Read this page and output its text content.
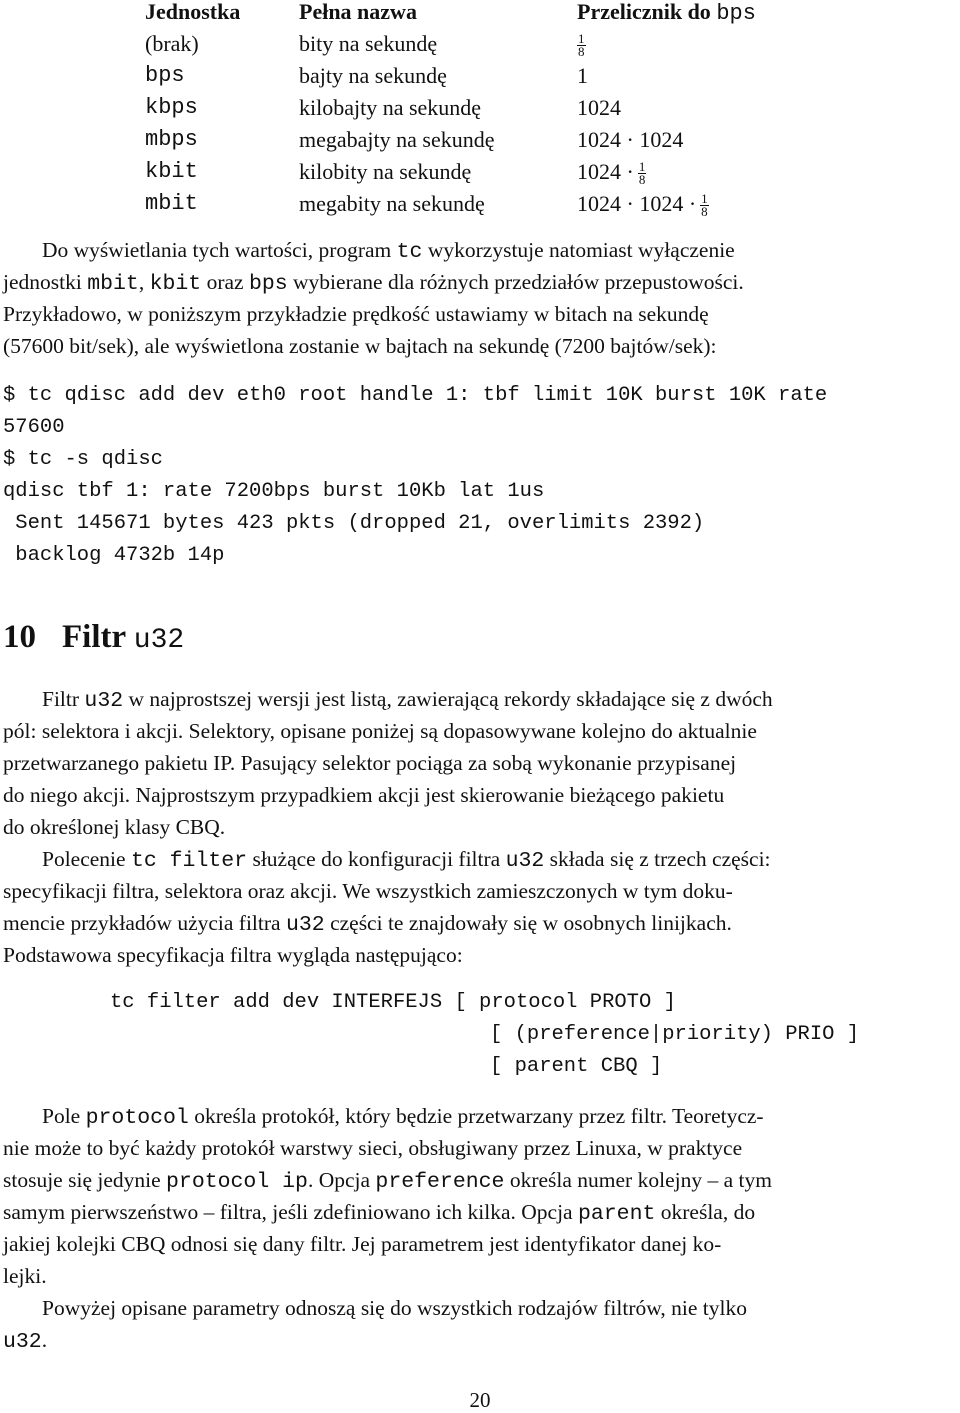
Jednostka	Pełna nazwa	Przelicznik do bps
(brak)	bity na sekundę	$\frac{1}{8}$
bps	bajty na sekundę	1
kbps	kilobajty na sekundę	1024
mbps	megabajty na sekundę	1024 · 1024
kbit	kilobity na sekundę	$1024 \cdot \frac{1}{8}$
mbit	megabity na sekundę	$1024 \cdot 1024 \cdot \frac{1}{8}$
Do wyświetlania tych wartości, program tc wykorzystuje natomiast wyłączenie
jednostki mbit, kbit oraz bps wybierane dla różnych przedziałów przepustowości.
Przykładowo, w poniższym przykładzie prędkość ustawiamy w bitach na sekundę
(57600 bit/sek), ale wyświetlona zostanie w bajtach na sekundę (7200 bajtów/sek):
$ tc qdisc add dev eth0 root handle 1: tbf limit 10K burst 10K rate
57600
$ tc -s qdisc
qdisc tbf 1: rate 7200bps burst 10Kb lat 1us
Sent 145671 bytes 423 pkts (dropped 21, overlimits 2392)
backlog 4732b 14p
10 Filtr u32
Filtr u32 w najprostszej wersji jest listą, zawierającą rekordy składające się z dwóch
pól: selektora i akcji. Selektory, opisane poniżej są dopasowywane kolejno do aktualnie
przetwarzanego pakietu IP. Pasujący selektor pociąga za sobą wykonanie przypisanej
do niego akcji. Najprostszym przypadkiem akcji jest skierowanie bieżącego pakietu
do określonej klasy CBQ.
Polecenie tc filter służące do konfiguracji filtra u32 składa się z trzech części:
specyfikacji filtra, selektora oraz akcji. We wszystkich zamieszczonych w tym doku-
mencie przykładów użycia filtra u32 części te znajdowały się w osobnych linijkach.
Podstawowa specyfikacja filtra wygląda następująco:
tc filter add dev INTERFEJS [ protocol PROTO ]
[ (preference|priority) PRIO ]
[ parent CBQ ]
Pole protocol określa protokół, który będzie przetwarzany przez filtr. Teoretycz-
nie może to być każdy protokół warstwy sieci, obsługiwany przez Linuxa, w praktyce
stosuje się jedynie protocol ip. Opcja preference określa numer kolejny – a tym
samym pierwszeństwo – filtra, jeśli zdefiniowano ich kilka. Opcja parent określa, do
jakiej kolejki CBQ odnosi się dany filtr. Jej parametrem jest identyfikator danej ko-
lejki.
Powyżej opisane parametry odnoszą się do wszystkich rodzajów filtrów, nie tylko
u32.
20
